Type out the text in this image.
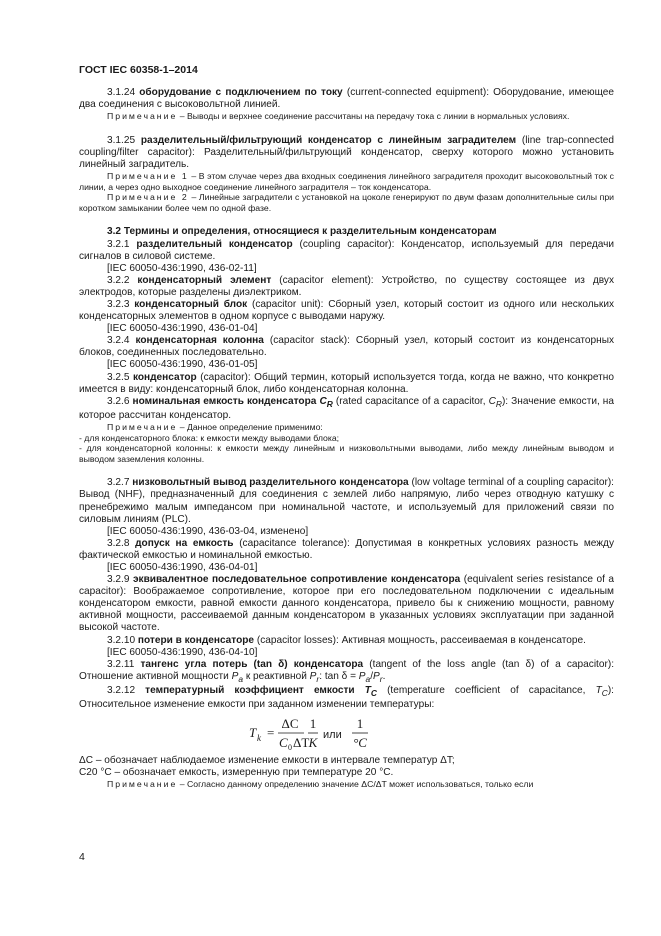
ГОСТ IEC 60358-1–2014

3.1.24 оборудование с подключением по току (current-connected equipment): Оборудование, имеющее два соединения с высоковольтной линией.

Примечание – Выводы и верхнее соединение рассчитаны на передачу тока с линии в нормальных условиях.

3.1.25 разделительный/фильтрующий конденсатор с линейным заградителем (line trap-connected coupling/filter capacitor): Разделительный/фильтрующий конденсатор, сверху которого можно установить линейный заградитель.

Примечание 1 – В этом случае через два входных соединения линейного заградителя проходит высоковольтный ток с линии, а через одно выходное соединение линейного заградителя – ток конденсатора.

Примечание 2 – Линейные заградители с установкой на цоколе генерируют по двум фазам дополнительные силы при коротком замыкании более чем по одной фазе.

3.2 Термины и определения, относящиеся к разделительным конденсаторам

3.2.1 разделительный конденсатор (coupling capacitor): Конденсатор, используемый для передачи сигналов в силовой системе.

[IEC 60050-436:1990, 436-02-11]

3.2.2 конденсаторный элемент (capacitor element): Устройство, по существу состоящее из двух электродов, которые разделены диэлектриком.

3.2.3 конденсаторный блок (capacitor unit): Сборный узел, который состоит из одного или нескольких конденсаторных элементов в одном корпусе с выводами наружу.

[IEC 60050-436:1990, 436-01-04]

3.2.4 конденсаторная колонна (capacitor stack): Сборный узел, который состоит из конденсаторных блоков, соединенных последовательно.

[IEC 60050-436:1990, 436-01-05]

3.2.5 конденсатор (capacitor): Общий термин, который используется тогда, когда не важно, что конкретно имеется в виду: конденсаторный блок, либо конденсаторная колонна.

3.2.6 номинальная емкость конденсатора $C_R$ (rated capacitance of a capacitor, $C_R$): Значение емкости, на которое рассчитан конденсатор.

Примечание – Данное определение применимо:

- для конденсаторного блока: к емкости между выводами блока;

- для конденсаторной колонны: к емкости между линейным и низковольтными выводами, либо между линейным выводом и выводом заземления колонны.

3.2.7 низковольтный вывод разделительного конденсатора (low voltage terminal of a coupling capacitor): Вывод (NHF), предназначенный для соединения с землей либо напрямую, либо через отводную катушку с пренебрежимо малым импедансом при номинальной частоте, и используемый для приложений связи по силовым линиям (PLC).

[IEC 60050-436:1990, 436-03-04, изменено]

3.2.8 допуск на емкость (capacitance tolerance): Допустимая в конкретных условиях разность между фактической емкостью и номинальной емкостью.

[IEC 60050-436:1990, 436-04-01]

3.2.9 эквивалентное последовательное сопротивление конденсатора (equivalent series resistance of a capacitor): Воображаемое сопротивление, которое при его последовательном подключении с идеальным конденсатором емкости, равной емкости данного конденсатора, привело бы к снижению мощности, равному активной мощности, рассеиваемой данным конденсатором в указанных условиях эксплуатации при заданной высокой частоте.

3.2.10 потери в конденсаторе (capacitor losses): Активная мощность, рассеиваемая в конденсаторе.

[IEC 60050-436:1990, 436-04-10]

3.2.11 тангенс угла потерь (tan δ) конденсатора (tangent of the loss angle (tan δ) of a capacitor): Отношение активной мощности $P_a$ к реактивной $P_r$: $\tan \delta = P_a/P_r$.

3.2.12 температурный коэффициент емкости $T_C$ (temperature coefficient of capacitance, $T_C$): Относительное изменение емкости при заданном изменении температуры:

T k =
ΔC
C 0 ΔT
1
K или
1
°C

ΔC – обозначает наблюдаемое изменение емкости в интервале температур ΔT;

C20 °C – обозначает емкость, измеренную при температуре 20 °C.

Примечание – Согласно данному определению значение ΔC/ΔT может использоваться, только если

4
